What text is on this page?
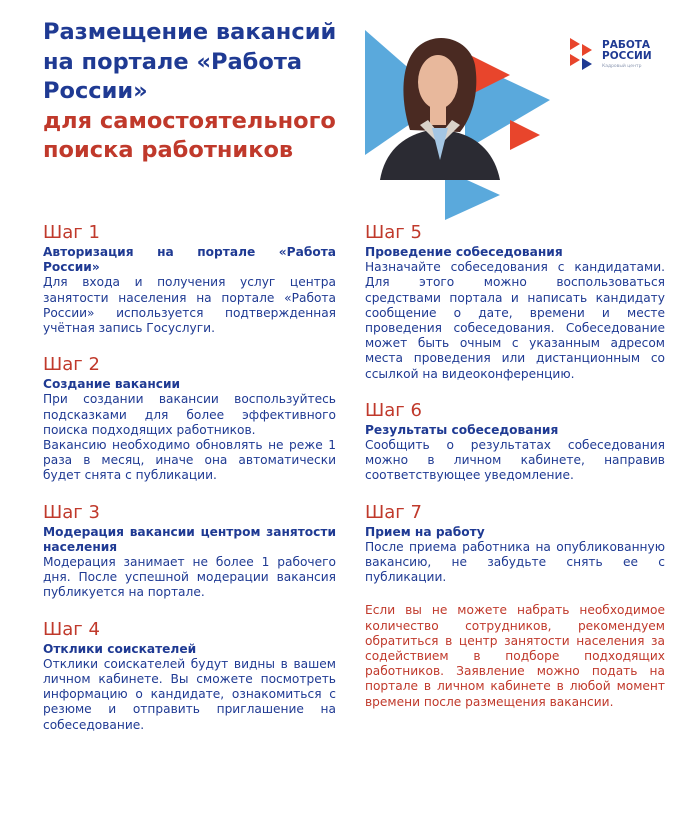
Размещение вакансий на портале «Работа России»
для самостоятельного поиска работников
РАБОТА РОССИИ
Кадровый центр
Шаг 1
Авторизация на портале «Работа России»
Для входа и получения услуг центра занятости населения на портале «Работа России» используется подтвержденная учётная запись Госуслуги.
Шаг 2
Создание вакансии
При создании вакансии воспользуйтесь подсказками для более эффективного поиска подходящих работников.
Вакансию необходимо обновлять не реже 1 раза в месяц, иначе она автоматически будет снята с публикации.
Шаг 3
Модерация вакансии центром занятости населения
Модерация занимает не более 1 рабочего дня. После успешной модерации вакансия публикуется на портале.
Шаг 4
Отклики соискателей
Отклики соискателей будут видны в вашем личном кабинете. Вы сможете посмотреть информацию о кандидате, ознакомиться с резюме и отправить приглашение на собеседование.
Шаг 5
Проведение собеседования
Назначайте собеседования с кандидатами. Для этого можно воспользоваться средствами портала и написать кандидату сообщение о дате, времени и месте проведения собеседования. Собеседование может быть очным с указанным адресом места проведения или дистанционным со ссылкой на видеоконференцию.
Шаг 6
Результаты собеседования
Сообщить о результатах собеседования можно в личном кабинете, направив соответствующее уведомление.
Шаг 7
Прием на работу
После приема работника на опубликованную вакансию, не забудьте снять ее с публикации.
Если вы не можете набрать необходимое количество сотрудников, рекомендуем обратиться в центр занятости населения за содействием в подборе подходящих работников. Заявление можно подать на портале в личном кабинете в любой момент времени после размещения вакансии.
